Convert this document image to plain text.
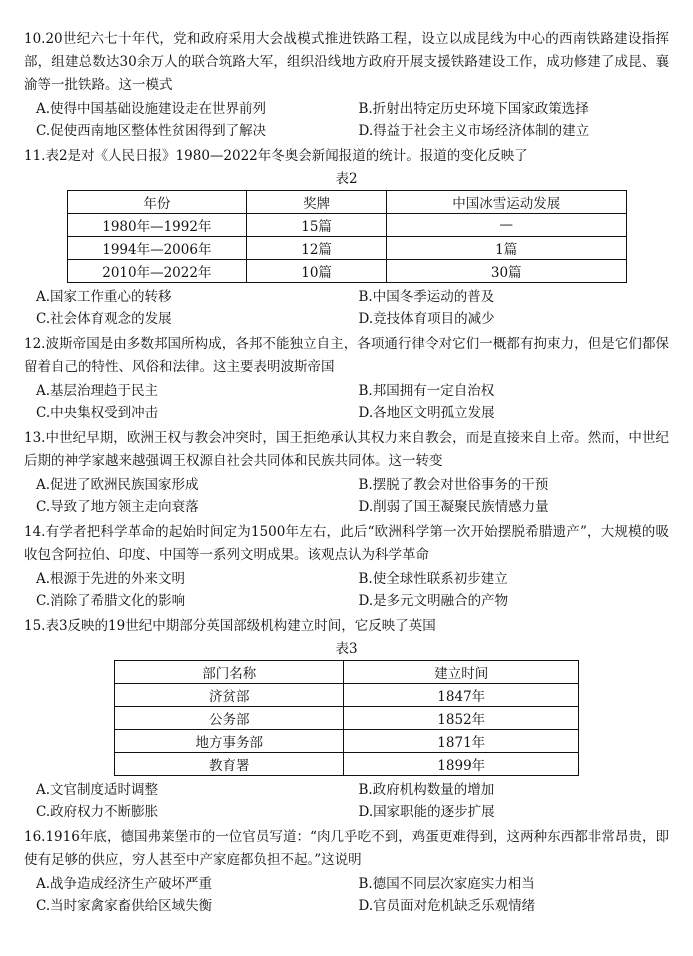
10.20世纪六七十年代，党和政府采用大会战模式推进铁路工程，设立以成昆线为中心的西南铁路建设指挥部，组建总数达30余万人的联合筑路大军，组织沿线地方政府开展支援铁路建设工作，成功修建了成昆、襄渝等一批铁路。这一模式

A.使得中国基础设施建设走在世界前列	B.折射出特定历史环境下国家政策选择
C.促使西南地区整体性贫困得到了解决	D.得益于社会主义市场经济体制的建立

11.表2是对《人民日报》1980—2022年冬奥会新闻报道的统计。报道的变化反映了

表2
年份	奖牌	中国冰雪运动发展
1980年—1992年	15篇	—
1994年—2006年	12篇	1篇
2010年—2022年	10篇	30篇
A.国家工作重心的转移	B.中国冬季运动的普及
C.社会体育观念的发展	D.竞技体育项目的减少

12.波斯帝国是由多数邦国所构成，各邦不能独立自主，各项通行律令对它们一概都有拘束力，但是它们都保留着自己的特性、风俗和法律。这主要表明波斯帝国

A.基层治理趋于民主	B.邦国拥有一定自治权
C.中央集权受到冲击	D.各地区文明孤立发展

13.中世纪早期，欧洲王权与教会冲突时，国王拒绝承认其权力来自教会，而是直接来自上帝。然而，中世纪后期的神学家越来越强调王权源自社会共同体和民族共同体。这一转变

A.促进了欧洲民族国家形成	B.摆脱了教会对世俗事务的干预
C.导致了地方领主走向衰落	D.削弱了国王凝聚民族情感力量

14.有学者把科学革命的起始时间定为1500年左右，此后“欧洲科学第一次开始摆脱希腊遗产”，大规模的吸收包含阿拉伯、印度、中国等一系列文明成果。该观点认为科学革命

A.根源于先进的外来文明	B.使全球性联系初步建立
C.消除了希腊文化的影响	D.是多元文明融合的产物

15.表3反映的19世纪中期部分英国部级机构建立时间，它反映了英国

表3
部门名称	建立时间
济贫部	1847年
公务部	1852年
地方事务部	1871年
教育署	1899年
A.文官制度适时调整	B.政府机构数量的增加
C.政府权力不断膨胀	D.国家职能的逐步扩展

16.1916年底，德国弗莱堡市的一位官员写道：“肉几乎吃不到，鸡蛋更难得到，这两种东西都非常昂贵，即使有足够的供应，穷人甚至中产家庭都负担不起。”这说明

A.战争造成经济生产破坏严重	B.德国不同层次家庭实力相当
C.当时家禽家畜供给区域失衡	D.官员面对危机缺乏乐观情绪
